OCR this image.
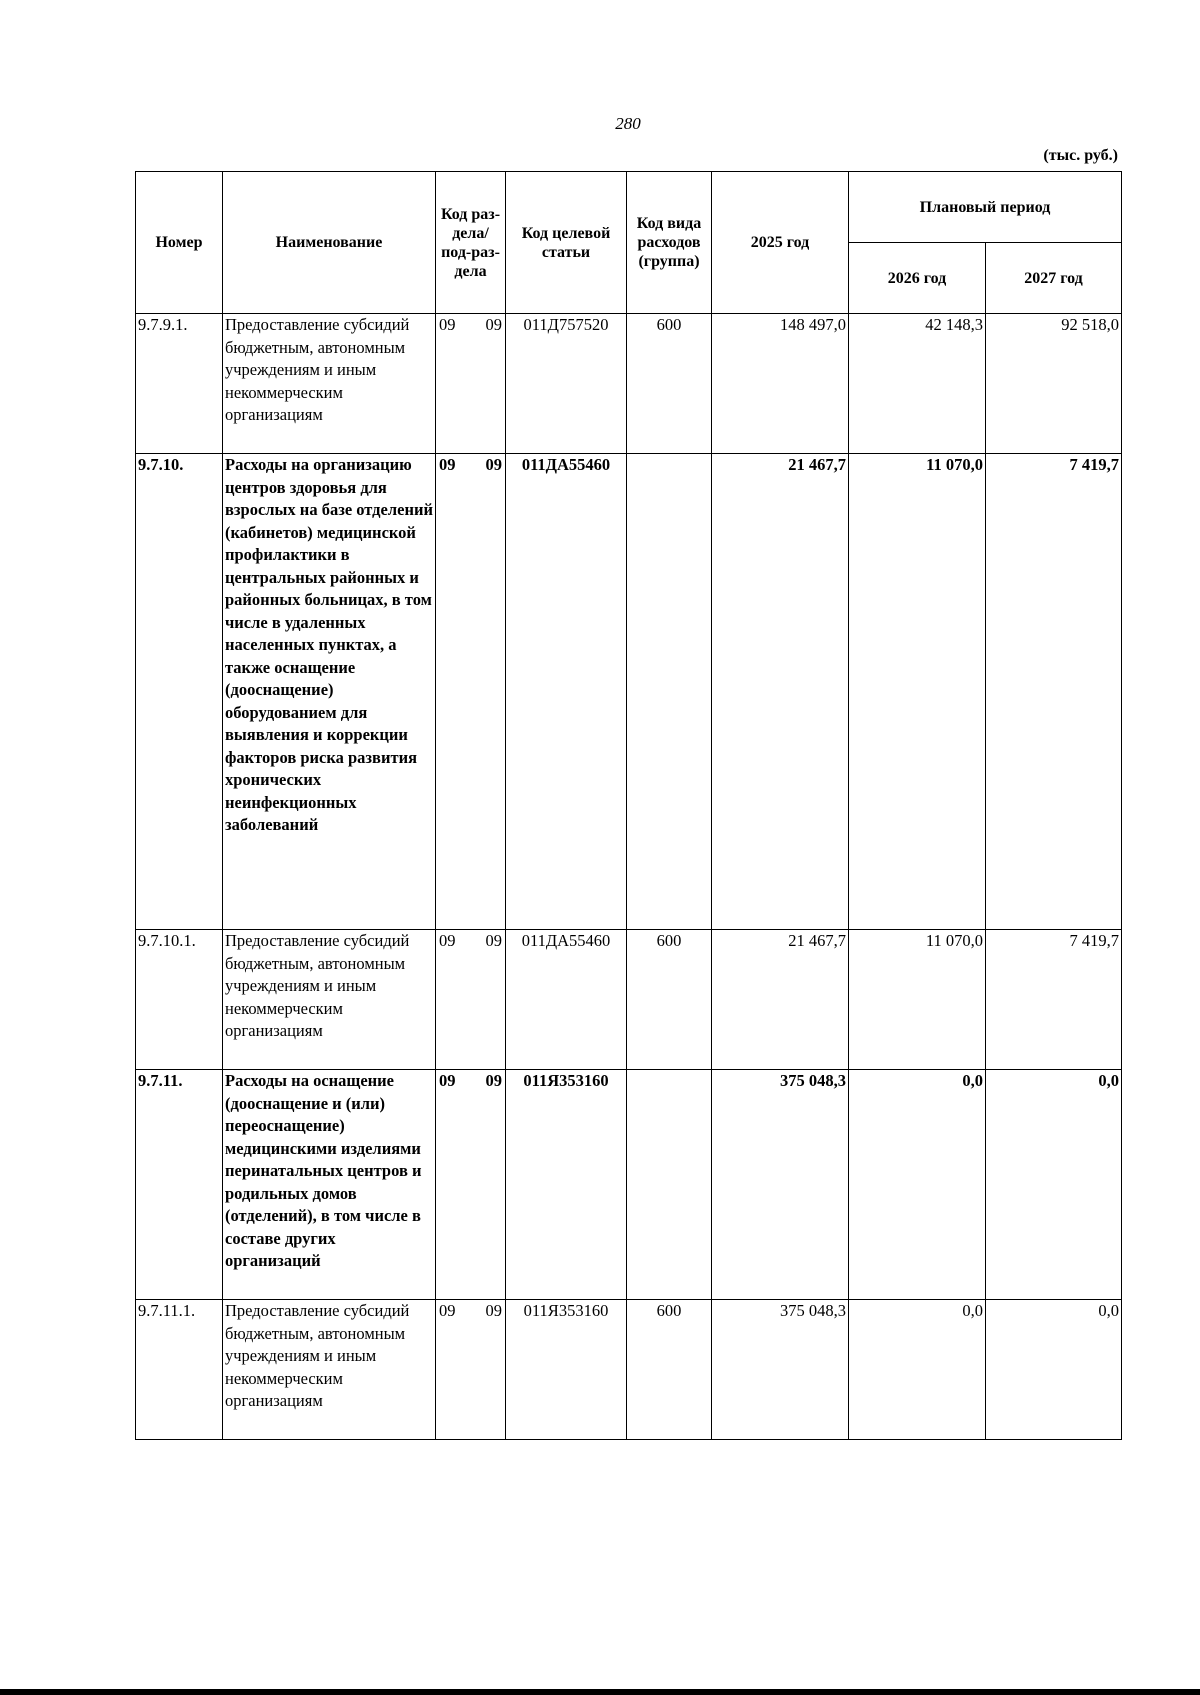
280
(тыс. руб.)
Номер	Наименование	Код раз-дела/ под-раз-дела	Код целевой статьи	Код вида расходов (группа)	2025 год	Плановый период	
						2026 год	2027 год
9.7.9.1.	Предоставление субсидий бюджетным, автономным учреждениям и иным некоммерческим организациям	09 09	011Д757520	600	148 497,0	42 148,3	92 518,0
9.7.10.	Расходы на организацию центров здоровья для взрослых на базе отделений (кабинетов) медицинской профилактики в центральных районных и районных больницах, в том числе в удаленных населенных пунктах, а также оснащение (дооснащение) оборудованием для выявления и коррекции факторов риска развития хронических неинфекционных заболеваний	09 09	011ДА55460		21 467,7	11 070,0	7 419,7
9.7.10.1.	Предоставление субсидий бюджетным, автономным учреждениям и иным некоммерческим организациям	09 09	011ДА55460	600	21 467,7	11 070,0	7 419,7
9.7.11.	Расходы на оснащение (дооснащение и (или) переоснащение) медицинскими изделиями перинатальных центров и родильных домов (отделений), в том числе в составе других организаций	09 09	011Я353160		375 048,3	0,0	0,0
9.7.11.1.	Предоставление субсидий бюджетным, автономным учреждениям и иным некоммерческим организациям	09 09	011Я353160	600	375 048,3	0,0	0,0
